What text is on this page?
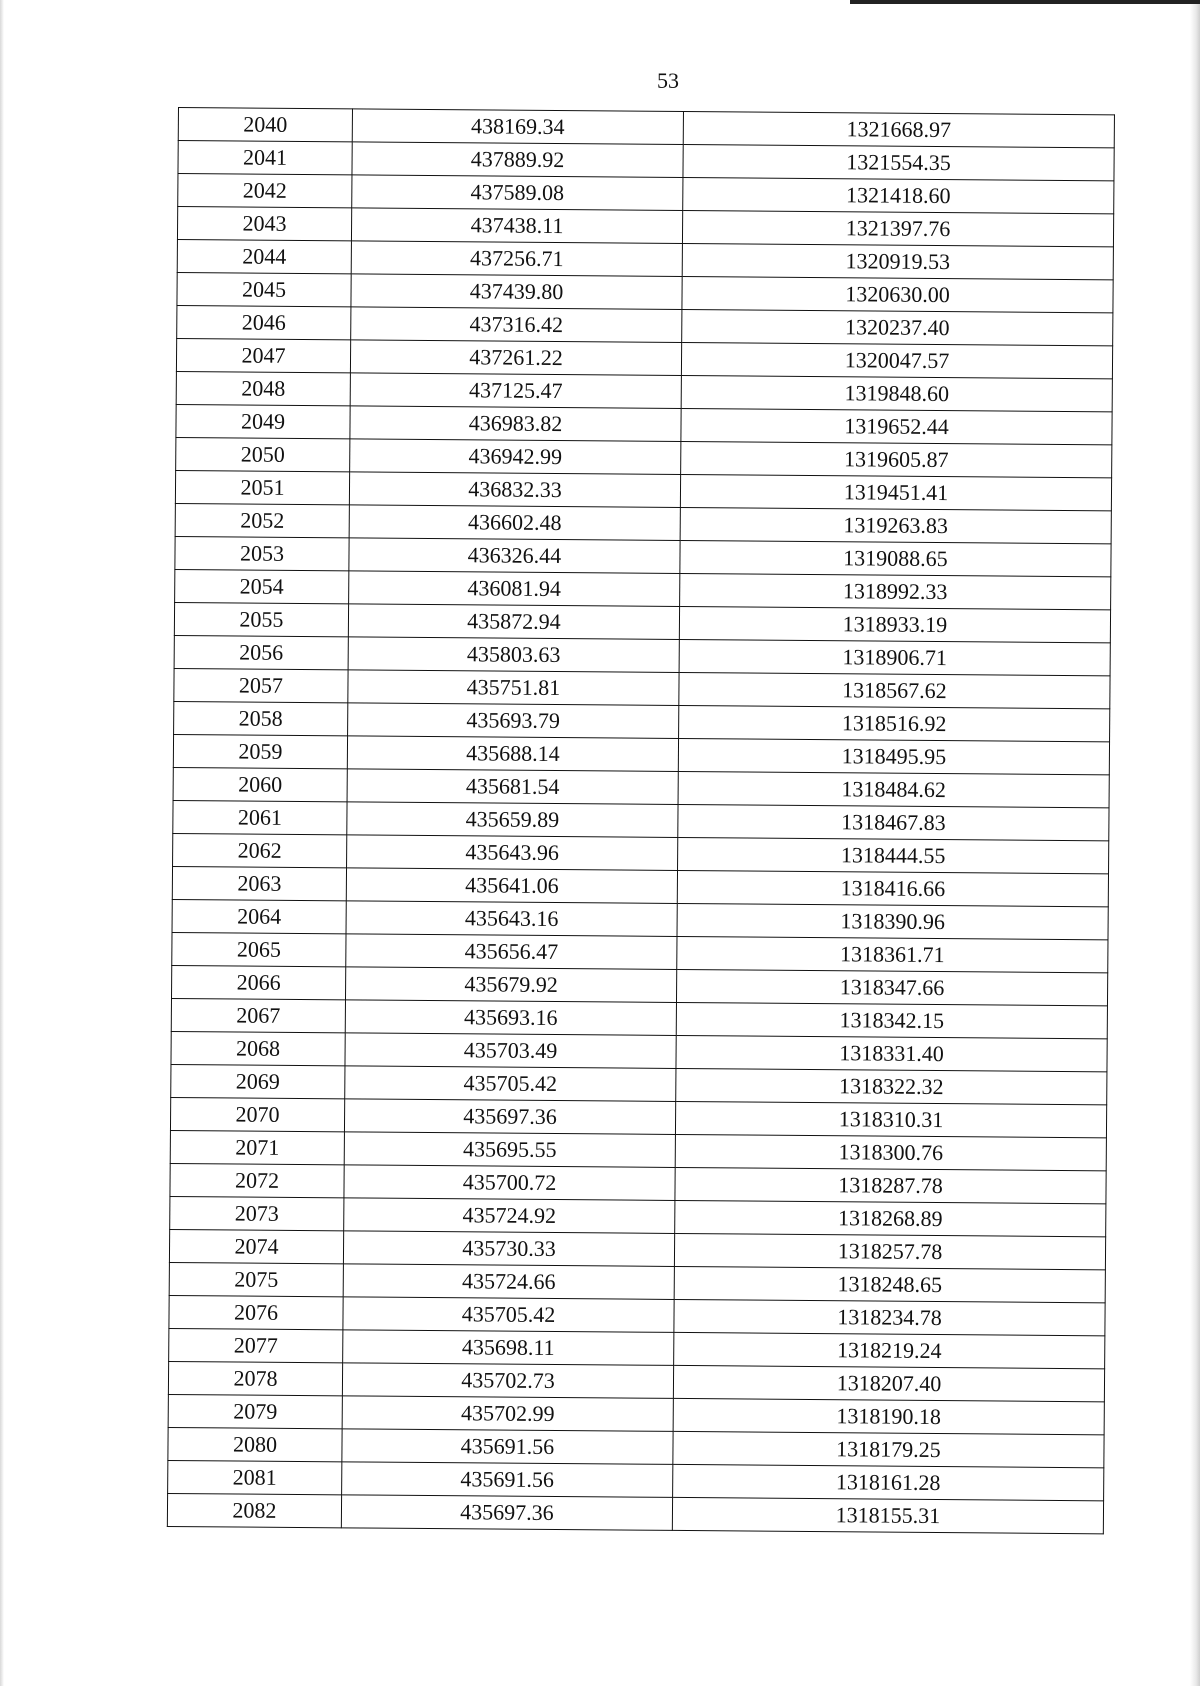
53
2040	438169.34	1321668.97
2041	437889.92	1321554.35
2042	437589.08	1321418.60
2043	437438.11	1321397.76
2044	437256.71	1320919.53
2045	437439.80	1320630.00
2046	437316.42	1320237.40
2047	437261.22	1320047.57
2048	437125.47	1319848.60
2049	436983.82	1319652.44
2050	436942.99	1319605.87
2051	436832.33	1319451.41
2052	436602.48	1319263.83
2053	436326.44	1319088.65
2054	436081.94	1318992.33
2055	435872.94	1318933.19
2056	435803.63	1318906.71
2057	435751.81	1318567.62
2058	435693.79	1318516.92
2059	435688.14	1318495.95
2060	435681.54	1318484.62
2061	435659.89	1318467.83
2062	435643.96	1318444.55
2063	435641.06	1318416.66
2064	435643.16	1318390.96
2065	435656.47	1318361.71
2066	435679.92	1318347.66
2067	435693.16	1318342.15
2068	435703.49	1318331.40
2069	435705.42	1318322.32
2070	435697.36	1318310.31
2071	435695.55	1318300.76
2072	435700.72	1318287.78
2073	435724.92	1318268.89
2074	435730.33	1318257.78
2075	435724.66	1318248.65
2076	435705.42	1318234.78
2077	435698.11	1318219.24
2078	435702.73	1318207.40
2079	435702.99	1318190.18
2080	435691.56	1318179.25
2081	435691.56	1318161.28
2082	435697.36	1318155.31
